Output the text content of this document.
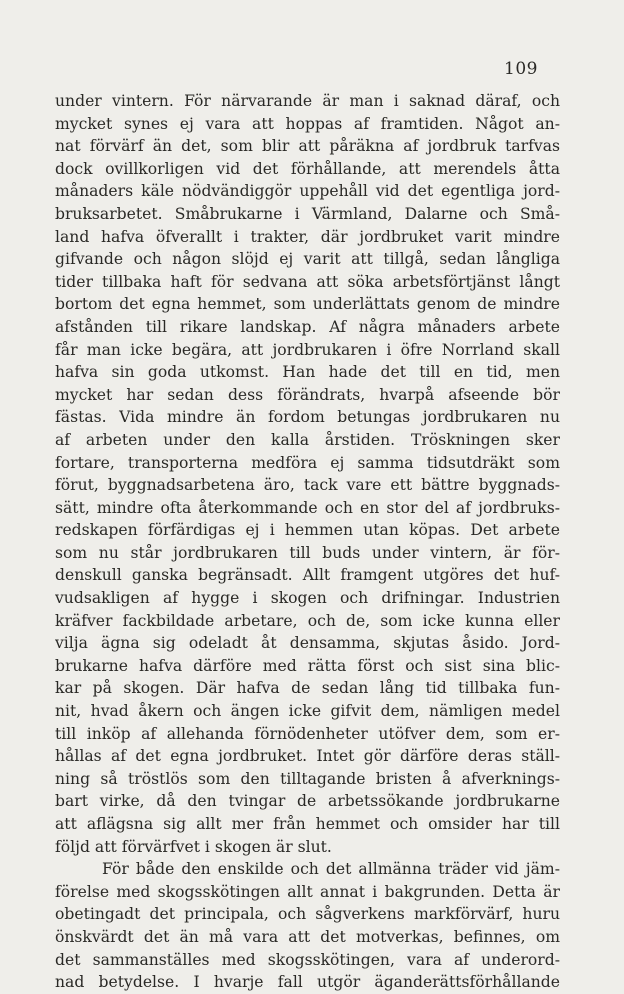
109
under vintern. För närvarande är man i saknad däraf, och
mycket synes ej vara att hoppas af framtiden. Något an-
nat förvärf än det, som blir att påräkna af jordbruk tarfvas
dock ovillkorligen vid det förhållande, att merendels åtta
månaders käle nödvändiggör uppehåll vid det egentliga jord-
bruksarbetet. Småbrukarne i Värmland, Dalarne och Små-
land hafva öfverallt i trakter, där jordbruket varit mindre
gifvande och någon slöjd ej varit att tillgå, sedan långliga
tider tillbaka haft för sedvana att söka arbetsförtjänst långt
bortom det egna hemmet, som underlättats genom de mindre
afstånden till rikare landskap. Af några månaders arbete
får man icke begära, att jordbrukaren i öfre Norrland skall
hafva sin goda utkomst. Han hade det till en tid, men
mycket har sedan dess förändrats, hvarpå afseende bör
fästas. Vida mindre än fordom betungas jordbrukaren nu
af arbeten under den kalla årstiden. Tröskningen sker
fortare, transporterna medföra ej samma tidsutdräkt som
förut, byggnadsarbetena äro, tack vare ett bättre byggnads-
sätt, mindre ofta återkommande och en stor del af jordbruks-
redskapen förfärdigas ej i hemmen utan köpas. Det arbete
som nu står jordbrukaren till buds under vintern, är för-
denskull ganska begränsadt. Allt framgent utgöres det huf-
vudsakligen af hygge i skogen och drifningar. Industrien
kräfver fackbildade arbetare, och de, som icke kunna eller
vilja ägna sig odeladt åt densamma, skjutas åsido. Jord-
brukarne hafva därföre med rätta först och sist sina blic-
kar på skogen. Där hafva de sedan lång tid tillbaka fun-
nit, hvad åkern och ängen icke gifvit dem, nämligen medel
till inköp af allehanda förnödenheter utöfver dem, som er-
hållas af det egna jordbruket. Intet gör därföre deras ställ-
ning så tröstlös som den tilltagande bristen å afverknings-
bart virke, då den tvingar de arbetssökande jordbrukarne
att aflägsna sig allt mer från hemmet och omsider har till
följd att förvärfvet i skogen är slut.
För både den enskilde och det allmänna träder vid jäm-
förelse med skogsskötingen allt annat i bakgrunden. Detta är
obetingadt det principala, och sågverkens markförvärf, huru
önskvärdt det än må vara att det motverkas, befinnes, om
det sammanställes med skogsskötingen, vara af underord-
nad betydelse. I hvarje fall utgör äganderättsförhållande
